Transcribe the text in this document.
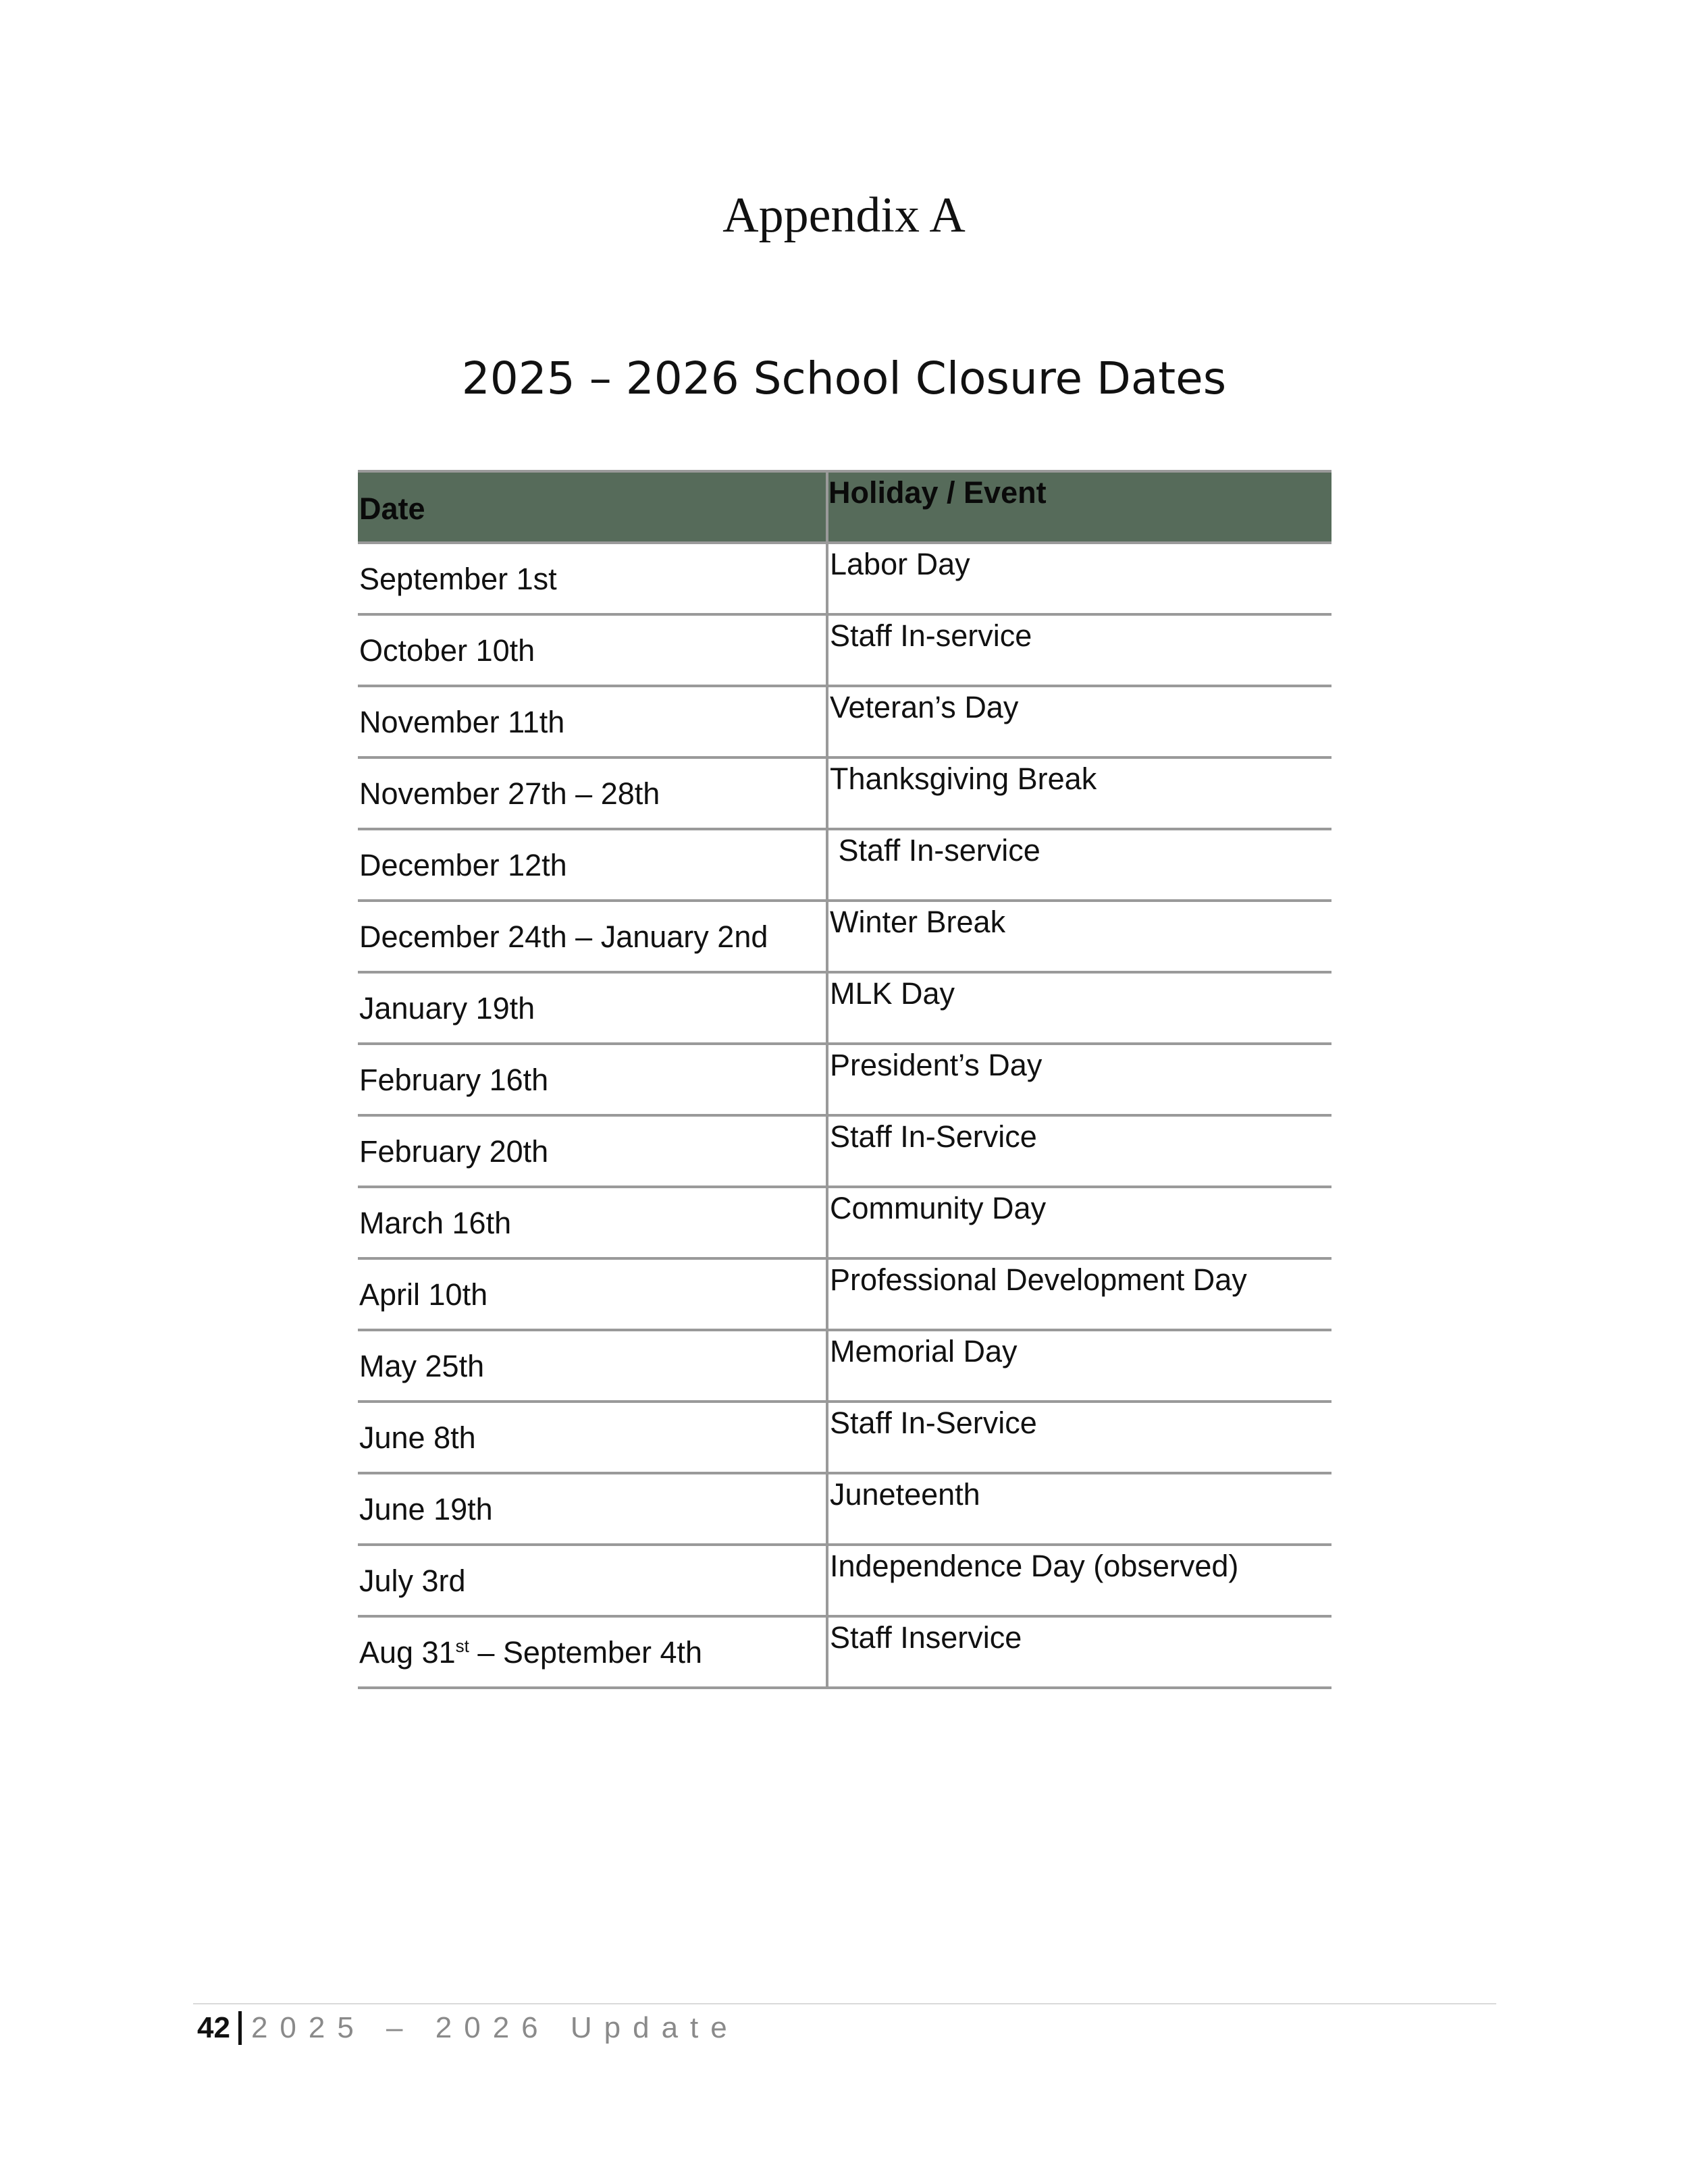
Appendix A
2025 – 2026 School Closure Dates
Date	Holiday / Event
September 1st	Labor Day
October 10th	Staff In-service
November 11th	Veteran’s Day
November 27th – 28th	Thanksgiving Break
December 12th	Staff In-service
December 24th – January 2nd	Winter Break
January 19th	MLK Day
February 16th	President’s Day
February 20th	Staff In-Service
March 16th	Community Day
April 10th	Professional Development Day
May 25th	Memorial Day
June 8th	Staff In-Service
June 19th	Juneteenth
July 3rd	Independence Day (observed)
Aug 31st – September 4th	Staff Inservice
42 2025 – 2026 Update
